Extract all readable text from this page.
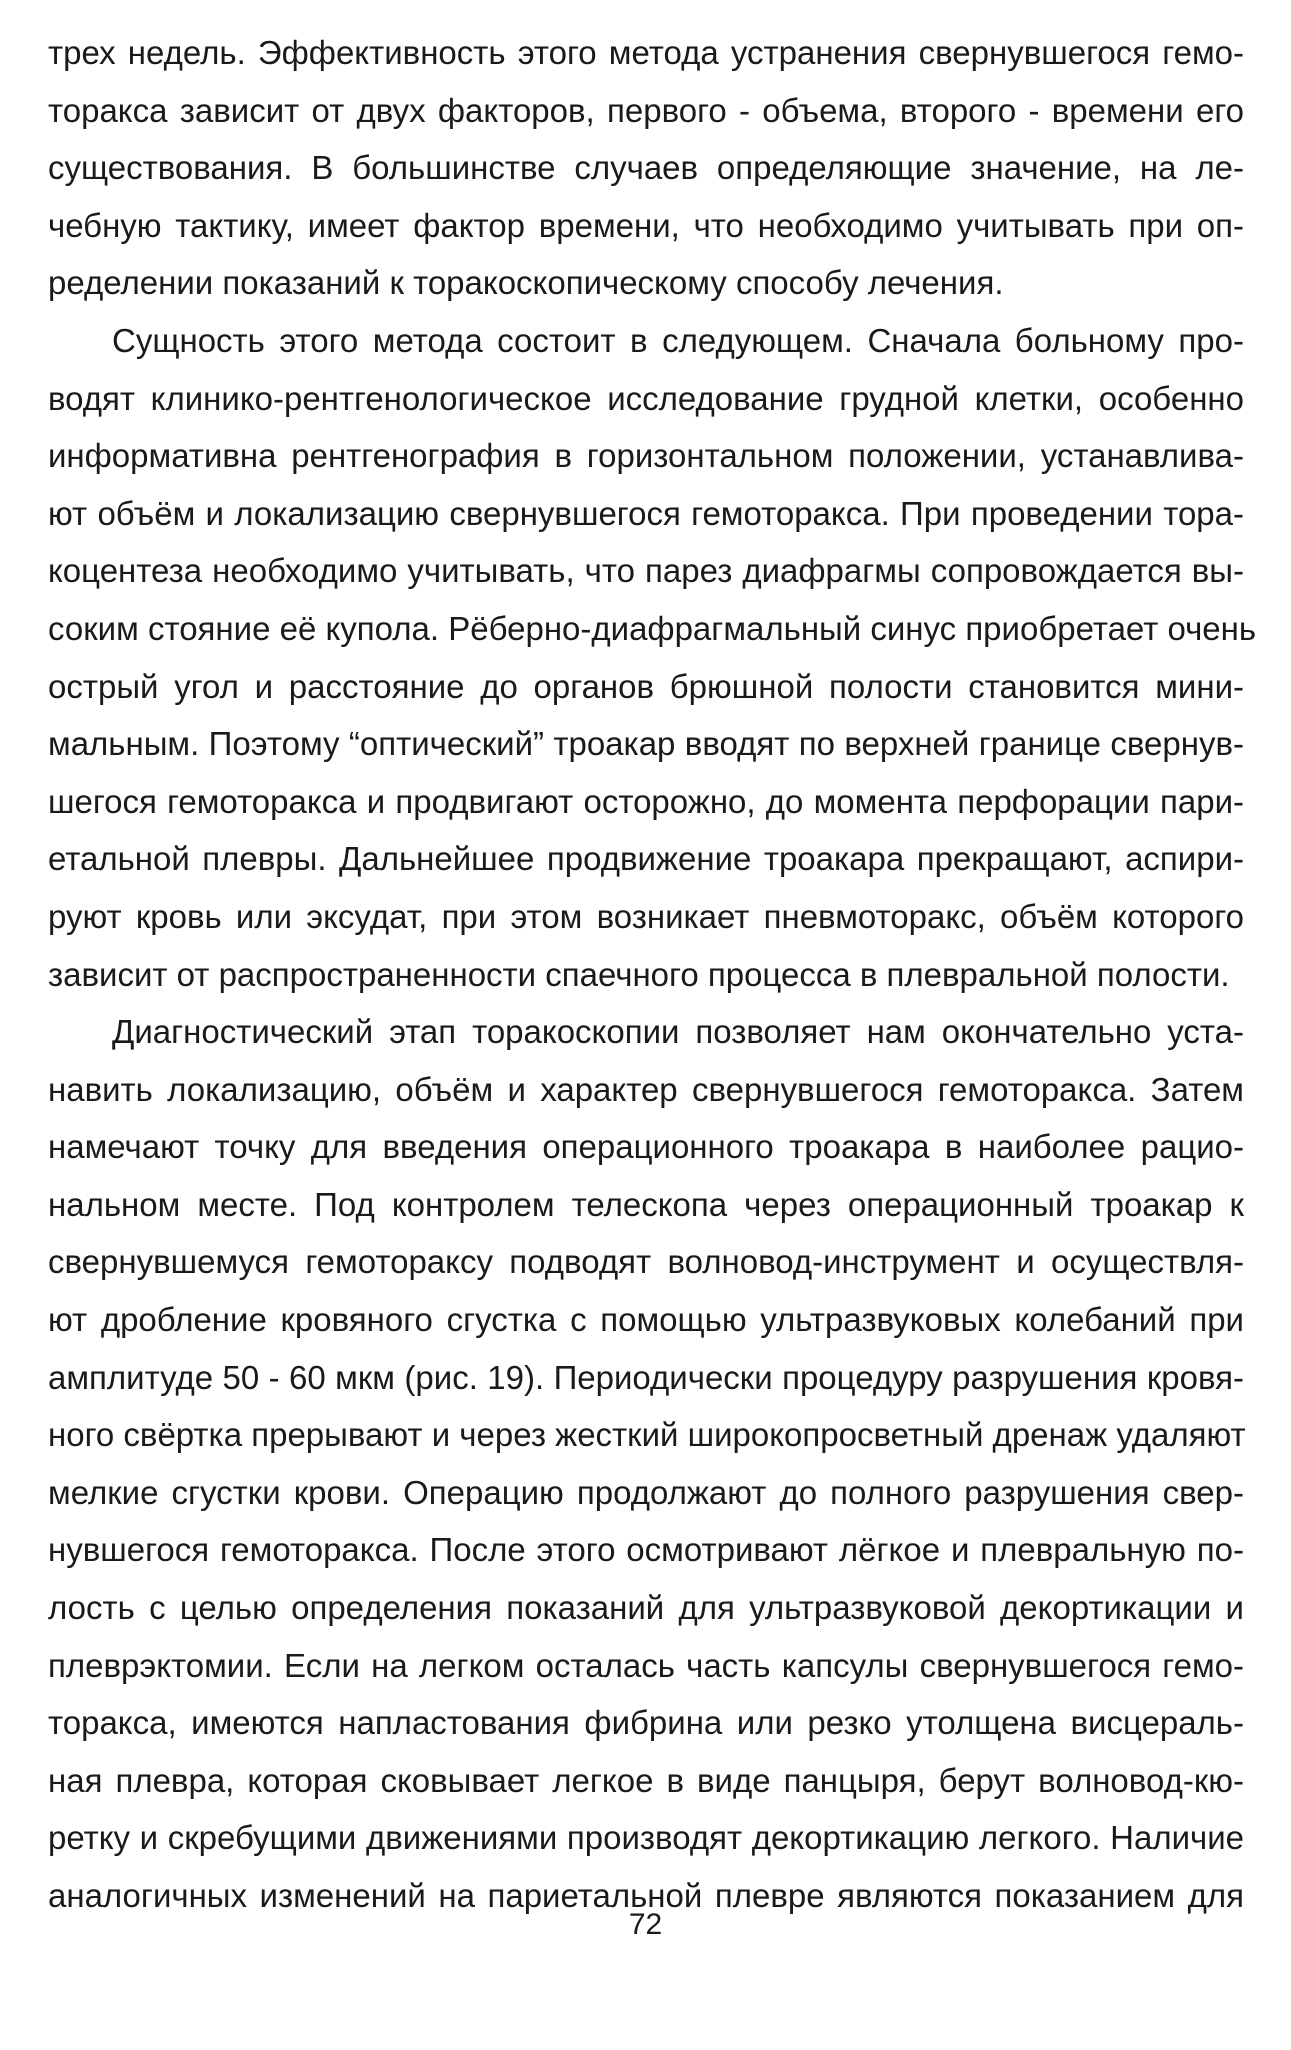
трех недель. Эффективность этого метода устранения свернувшегося гемо-
торакса зависит от двух факторов, первого - объема, второго - времени его
существования. В большинстве случаев определяющие значение, на ле-
чебную тактику, имеет фактор времени, что необходимо учитывать при оп-
ределении показаний к торакоскопическому способу лечения.
Сущность этого метода состоит в следующем. Сначала больному про-
водят клинико-рентгенологическое исследование грудной клетки, особенно
информативна рентгенография в горизонтальном положении, устанавлива-
ют объём и локализацию свернувшегося гемоторакса. При проведении тора-
коцентеза необходимо учитывать, что парез диафрагмы сопровождается вы-
соким стояние её купола. Рёберно-диафрагмальный синус приобретает очень
острый угол и расстояние до органов брюшной полости становится мини-
мальным. Поэтому “оптический” троакар вводят по верхней границе свернув-
шегося гемоторакса и продвигают осторожно, до момента перфорации пари-
етальной плевры. Дальнейшее продвижение троакара прекращают, аспири-
руют кровь или эксудат, при этом возникает пневмоторакс, объём которого
зависит от распространенности спаечного процесса в плевральной полости.
Диагностический этап торакоскопии позволяет нам окончательно уста-
навить локализацию, объём и характер свернувшегося гемоторакса. Затем
намечают точку для введения операционного троакара в наиболее рацио-
нальном месте. Под контролем телескопа через операционный троакар к
свернувшемуся гемотораксу подводят волновод-инструмент и осуществля-
ют дробление кровяного сгустка с помощью ультразвуковых колебаний при
амплитуде 50 - 60 мкм (рис. 19). Периодически процедуру разрушения кровя-
ного свёртка прерывают и через жесткий широкопросветный дренаж удаляют
мелкие сгустки крови. Операцию продолжают до полного разрушения свер-
нувшегося гемоторакса. После этого осмотривают лёгкое и плевральную по-
лость с целью определения показаний для ультразвуковой декортикации и
плеврэктомии. Если на легком осталась часть капсулы свернувшегося гемо-
торакса, имеются напластования фибрина или резко утолщена висцераль-
ная плевра, которая сковывает легкое в виде панцыря, берут волновод-кю-
ретку и скребущими движениями производят декортикацию легкого. Наличие
аналогичных изменений на париетальной плевре являются показанием для
72
